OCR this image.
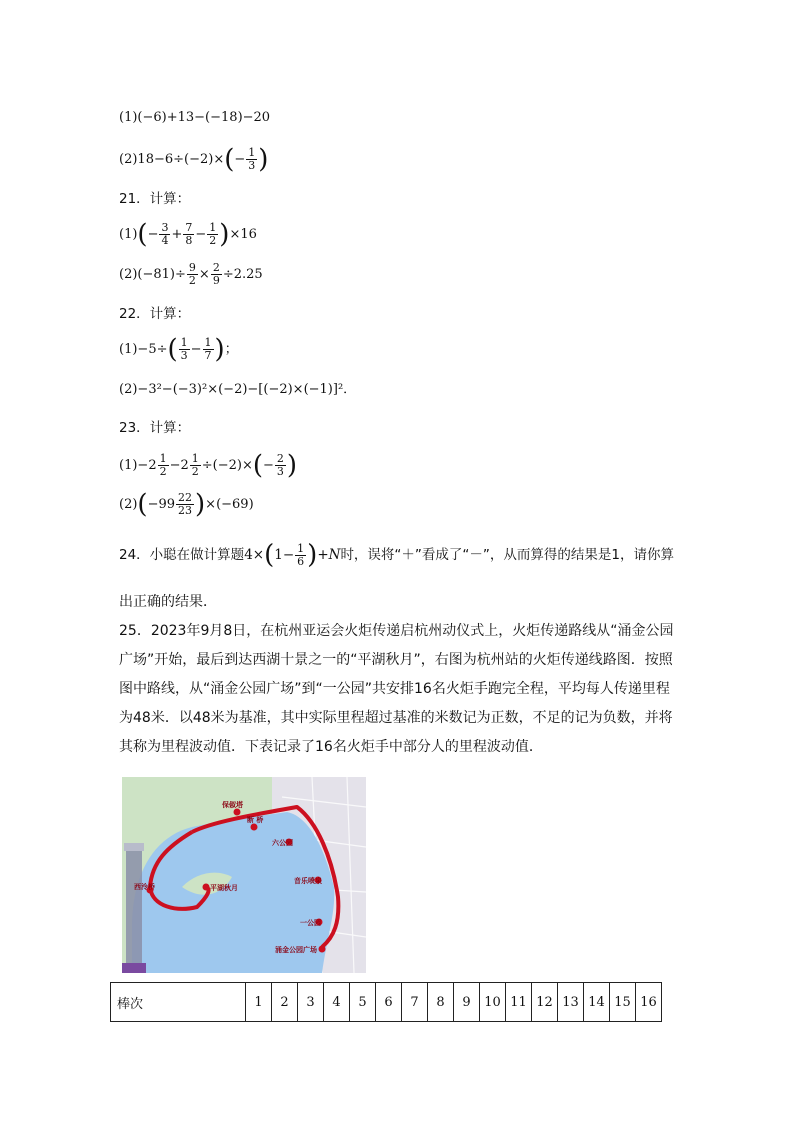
(1)(−6)+13−(−18)−20
$(2)18-6\div(-2)\times(- \frac{1}{3}$ )
21．计算：
$(1)(- \frac{3}{4} + \frac{7}{8} - \frac{1}{2} )\times 16$
$(2)(-81)\div \frac{9}{2} \times \frac{2}{9} \div 2.25$
22．计算：
$(1)-5\div( \frac{1}{3} - \frac{1}{7}$ )；
(2)−3²−(−3)²×(−2)−[(−2)×(−1)]²．
23．计算：
$(1)-2 \frac{1}{2} -2 \frac{1}{2} \div(-2)\times(- \frac{2}{3}$ )
$(2)(-99 \frac{22}{23} )\times(-69)$
24．小聪在做计算题$4\times(1- \frac{1}{6} )+N$时，误将“＋”看成了“－”，从而算得的结果是1，请你算
出正确的结果．
25．2023年9月8日，在杭州亚运会火炬传递启杭州动仪式上，火炬传递路线从“涌金公园
广场”开始，最后到达西湖十景之一的“平湖秋月”，右图为杭州站的火炬传递线路图．按照
图中路线，从“涌金公园广场”到“一公园”共安排16名火炬手跑完全程，平均每人传递里程
为48米．以48米为基准，其中实际里程超过基准的米数记为正数，不足的记为负数，并将
其称为里程波动值．下表记录了16名火炬手中部分人的里程波动值．
保俶塔
断 桥
六公园
音乐喷泉
西泠桥	平湖秋月
一公园
涌金公园广场
棒次	1	2	3	4	5	6	7	8	9	10	11	12	13	14	15	16
